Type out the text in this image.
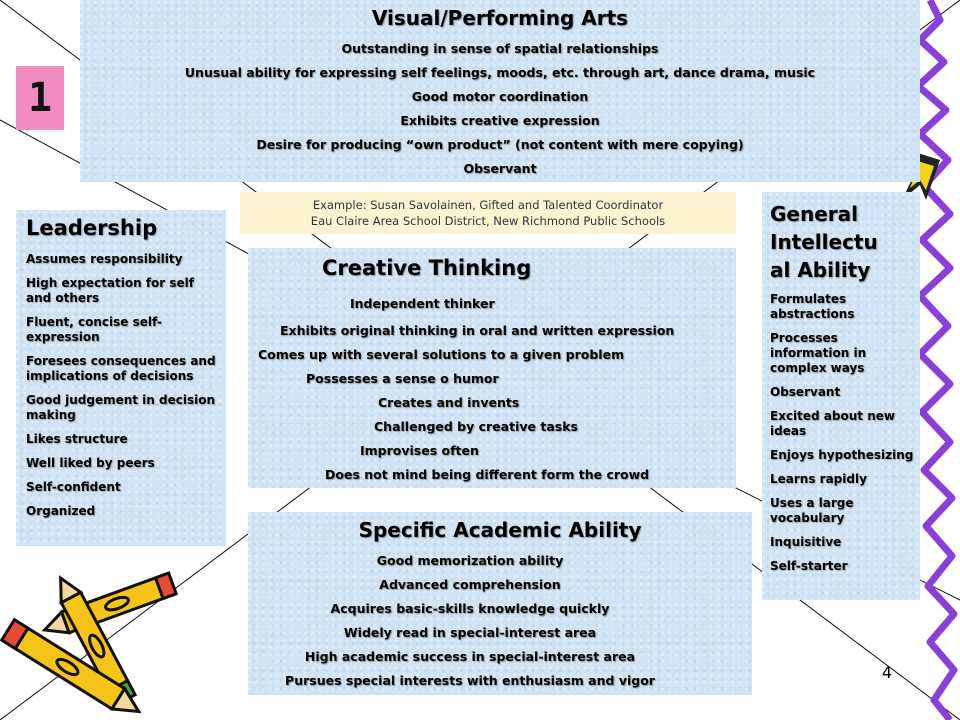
1
Visual/Performing Arts
Outstanding in sense of spatial relationships
Unusual ability for expressing self feelings, moods, etc. through art, dance drama, music
Good motor coordination
Exhibits creative expression
Desire for producing “own product” (not content with mere copying)
Observant
Example: Susan Savolainen, Gifted and Talented Coordinator
Eau Claire Area School District, New Richmond Public Schools
Leadership
Assumes responsibility
High expectation for self and others
Fluent, concise self-expression
Foresees consequences and implications of decisions
Good judgement in decision making
Likes structure
Well liked by peers
Self-confident
Organized
Creative Thinking
Independent thinker
Exhibits original thinking in oral and written expression
Comes up with several solutions to a given problem
Possesses a sense o humor
Creates and invents
Challenged by creative tasks
Improvises often
Does not mind being different form the crowd
Specific Academic Ability
Good memorization ability
Advanced comprehension
Acquires basic-skills knowledge quickly
Widely read in special-interest area
High academic success in special-interest area
Pursues special interests with enthusiasm and vigor
General
Intellectu
al Ability
Formulates abstractions
Processes information in complex ways
Observant
Excited about new ideas
Enjoys hypothesizing
Learns rapidly
Uses a large vocabulary
Inquisitive
Self-starter
4
